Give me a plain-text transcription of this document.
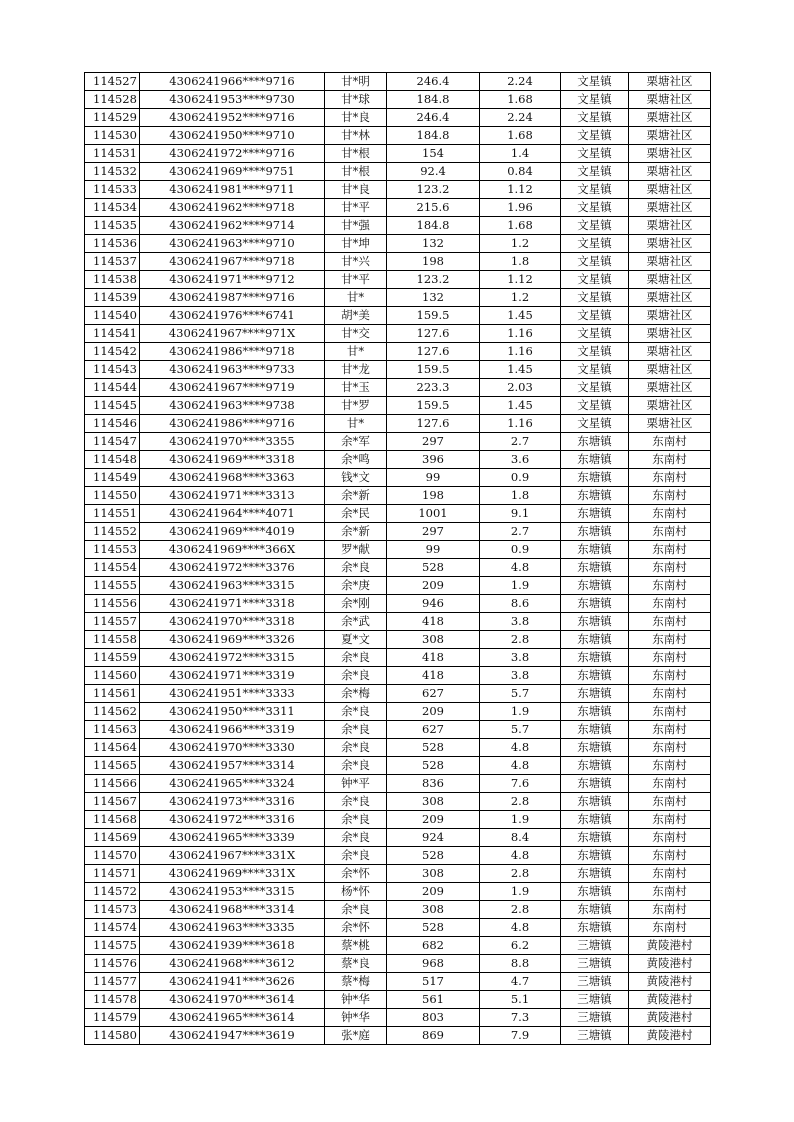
114527	4306241966****9716	甘*明	246.4	2.24	文星镇	栗塘社区
114528	4306241953****9730	甘*球	184.8	1.68	文星镇	栗塘社区
114529	4306241952****9716	甘*良	246.4	2.24	文星镇	栗塘社区
114530	4306241950****9710	甘*林	184.8	1.68	文星镇	栗塘社区
114531	4306241972****9716	甘*根	154	1.4	文星镇	栗塘社区
114532	4306241969****9751	甘*根	92.4	0.84	文星镇	栗塘社区
114533	4306241981****9711	甘*良	123.2	1.12	文星镇	栗塘社区
114534	4306241962****9718	甘*平	215.6	1.96	文星镇	栗塘社区
114535	4306241962****9714	甘*强	184.8	1.68	文星镇	栗塘社区
114536	4306241963****9710	甘*坤	132	1.2	文星镇	栗塘社区
114537	4306241967****9718	甘*兴	198	1.8	文星镇	栗塘社区
114538	4306241971****9712	甘*平	123.2	1.12	文星镇	栗塘社区
114539	4306241987****9716	甘*	132	1.2	文星镇	栗塘社区
114540	4306241976****6741	胡*美	159.5	1.45	文星镇	栗塘社区
114541	4306241967****971X	甘*交	127.6	1.16	文星镇	栗塘社区
114542	4306241986****9718	甘*	127.6	1.16	文星镇	栗塘社区
114543	4306241963****9733	甘*龙	159.5	1.45	文星镇	栗塘社区
114544	4306241967****9719	甘*玉	223.3	2.03	文星镇	栗塘社区
114545	4306241963****9738	甘*罗	159.5	1.45	文星镇	栗塘社区
114546	4306241986****9716	甘*	127.6	1.16	文星镇	栗塘社区
114547	4306241970****3355	余*军	297	2.7	东塘镇	东南村
114548	4306241969****3318	余*鸣	396	3.6	东塘镇	东南村
114549	4306241968****3363	钱*文	99	0.9	东塘镇	东南村
114550	4306241971****3313	余*新	198	1.8	东塘镇	东南村
114551	4306241964****4071	余*民	1001	9.1	东塘镇	东南村
114552	4306241969****4019	余*新	297	2.7	东塘镇	东南村
114553	4306241969****366X	罗*献	99	0.9	东塘镇	东南村
114554	4306241972****3376	余*良	528	4.8	东塘镇	东南村
114555	4306241963****3315	余*庚	209	1.9	东塘镇	东南村
114556	4306241971****3318	余*刚	946	8.6	东塘镇	东南村
114557	4306241970****3318	余*武	418	3.8	东塘镇	东南村
114558	4306241969****3326	夏*文	308	2.8	东塘镇	东南村
114559	4306241972****3315	余*良	418	3.8	东塘镇	东南村
114560	4306241971****3319	余*良	418	3.8	东塘镇	东南村
114561	4306241951****3333	余*梅	627	5.7	东塘镇	东南村
114562	4306241950****3311	余*良	209	1.9	东塘镇	东南村
114563	4306241966****3319	余*良	627	5.7	东塘镇	东南村
114564	4306241970****3330	余*良	528	4.8	东塘镇	东南村
114565	4306241957****3314	余*良	528	4.8	东塘镇	东南村
114566	4306241965****3324	钟*平	836	7.6	东塘镇	东南村
114567	4306241973****3316	余*良	308	2.8	东塘镇	东南村
114568	4306241972****3316	余*良	209	1.9	东塘镇	东南村
114569	4306241965****3339	余*良	924	8.4	东塘镇	东南村
114570	4306241967****331X	余*良	528	4.8	东塘镇	东南村
114571	4306241969****331X	余*怀	308	2.8	东塘镇	东南村
114572	4306241953****3315	杨*怀	209	1.9	东塘镇	东南村
114573	4306241968****3314	余*良	308	2.8	东塘镇	东南村
114574	4306241963****3335	余*怀	528	4.8	东塘镇	东南村
114575	4306241939****3618	蔡*桃	682	6.2	三塘镇	黄陵港村
114576	4306241968****3612	蔡*良	968	8.8	三塘镇	黄陵港村
114577	4306241941****3626	蔡*梅	517	4.7	三塘镇	黄陵港村
114578	4306241970****3614	钟*华	561	5.1	三塘镇	黄陵港村
114579	4306241965****3614	钟*华	803	7.3	三塘镇	黄陵港村
114580	4306241947****3619	张*庭	869	7.9	三塘镇	黄陵港村
